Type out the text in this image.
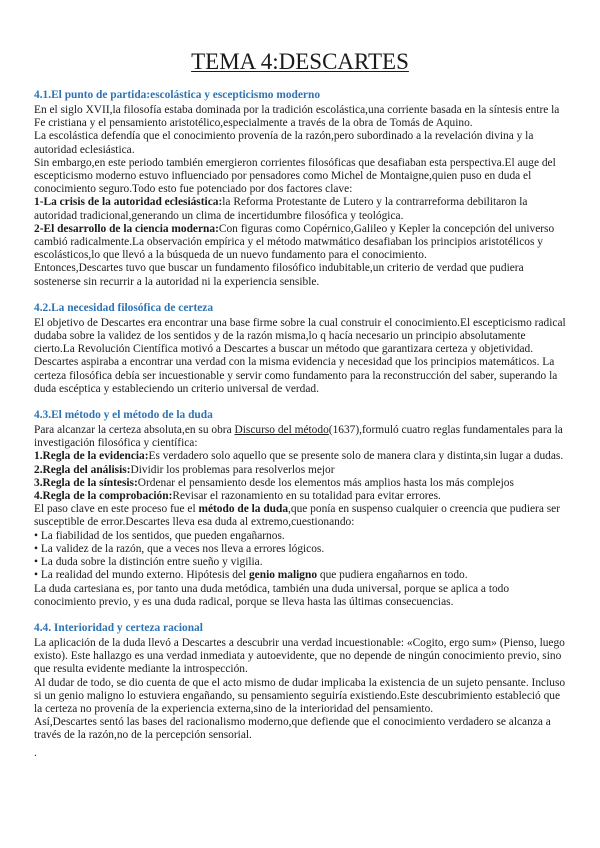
TEMA 4:DESCARTES
4.1.El punto de partida:escolástica y escepticismo moderno

En el siglo XVII,la filosofía estaba dominada por la tradición escolástica,una corriente basada en la síntesis entre la Fe cristiana y el pensamiento aristotélico,especialmente a través de la obra de Tomás de Aquino.

La escolástica defendía que el conocimiento provenía de la razón,pero subordinado a la revelación divina y la autoridad eclesiástica.

Sin embargo,en este periodo también emergieron corrientes filosóficas que desafiaban esta perspectiva.El auge del escepticismo moderno estuvo influenciado por pensadores como Michel de Montaigne,quien puso en duda el conocimiento seguro.Todo esto fue potenciado por dos factores clave:

1-La crisis de la autoridad eclesiástica:la Reforma Protestante de Lutero y la contrarreforma debilitaron la autoridad tradicional,generando un clima de incertidumbre filosófica y teológica.

2-El desarrollo de la ciencia moderna:Con figuras como Copérnico,Galileo y Kepler la concepción del universo cambió radicalmente.La observación empírica y el método matwmático desafiaban los principios aristotélicos y escolásticos,lo que llevó a la búsqueda de un nuevo fundamento para el conocimiento.

Entonces,Descartes tuvo que buscar un fundamento filosófico indubitable,un criterio de verdad que pudiera sostenerse sin recurrir a la autoridad ni la experiencia sensible.

4.2.La necesidad filosófica de certeza

El objetivo de Descartes era encontrar una base firme sobre la cual construir el conocimiento.El escepticismo radical dudaba sobre la validez de los sentidos y de la razón misma,lo q hacía necesario un principio absolutamente cierto.La Revolución Científica motivó a Descartes a buscar un método que garantizara certeza y objetividad.

Descartes aspiraba a encontrar una verdad con la misma evidencia y necesidad que los principios matemáticos. La certeza filosófica debía ser incuestionable y servir como fundamento para la reconstrucción del saber, superando la duda escéptica y estableciendo un criterio universal de verdad.

4.3.El método y el método de la duda

Para alcanzar la certeza absoluta,en su obra Discurso del método(1637),formuló cuatro reglas fundamentales para la investigación filosófica y científica:

1.Regla de la evidencia:Es verdadero solo aquello que se presente solo de manera clara y distinta,sin lugar a dudas.

2.Regla del análisis:Dividir los problemas para resolverlos mejor

3.Regla de la síntesis:Ordenar el pensamiento desde los elementos más amplios hasta los más complejos

4.Regla de la comprobación:Revisar el razonamiento en su totalidad para evitar errores.

El paso clave en este proceso fue el método de la duda,que ponía en suspenso cualquier o creencia que pudiera ser susceptible de error.Descartes lleva esa duda al extremo,cuestionando:

• La fiabilidad de los sentidos, que pueden engañarnos.
• La validez de la razón, que a veces nos lleva a errores lógicos.
• La duda sobre la distinción entre sueño y vigilia.
• La realidad del mundo externo. Hipótesis del genio maligno que pudiera engañarnos en todo.

La duda cartesiana es, por tanto una duda metódica, también una duda universal, porque se aplica a todo conocimiento previo, y es una duda radical, porque se lleva hasta las últimas consecuencias.

4.4. Interioridad y certeza racional

La aplicación de la duda llevó a Descartes a descubrir una verdad incuestionable: «Cogito, ergo sum» (Pienso, luego existo). Este hallazgo es una verdad inmediata y autoevidente, que no depende de ningún conocimiento previo, sino que resulta evidente mediante la introspección.

Al dudar de todo, se dio cuenta de que el acto mismo de dudar implicaba la existencia de un sujeto pensante. Incluso si un genio maligno lo estuviera engañando, su pensamiento seguiría existiendo.Este descubrimiento estableció que la certeza no provenía de la experiencia externa,sino de la interioridad del pensamiento.

Así,Descartes sentó las bases del racionalismo moderno,que defiende que el conocimiento verdadero se alcanza a través de la razón,no de la percepción sensorial.

.
